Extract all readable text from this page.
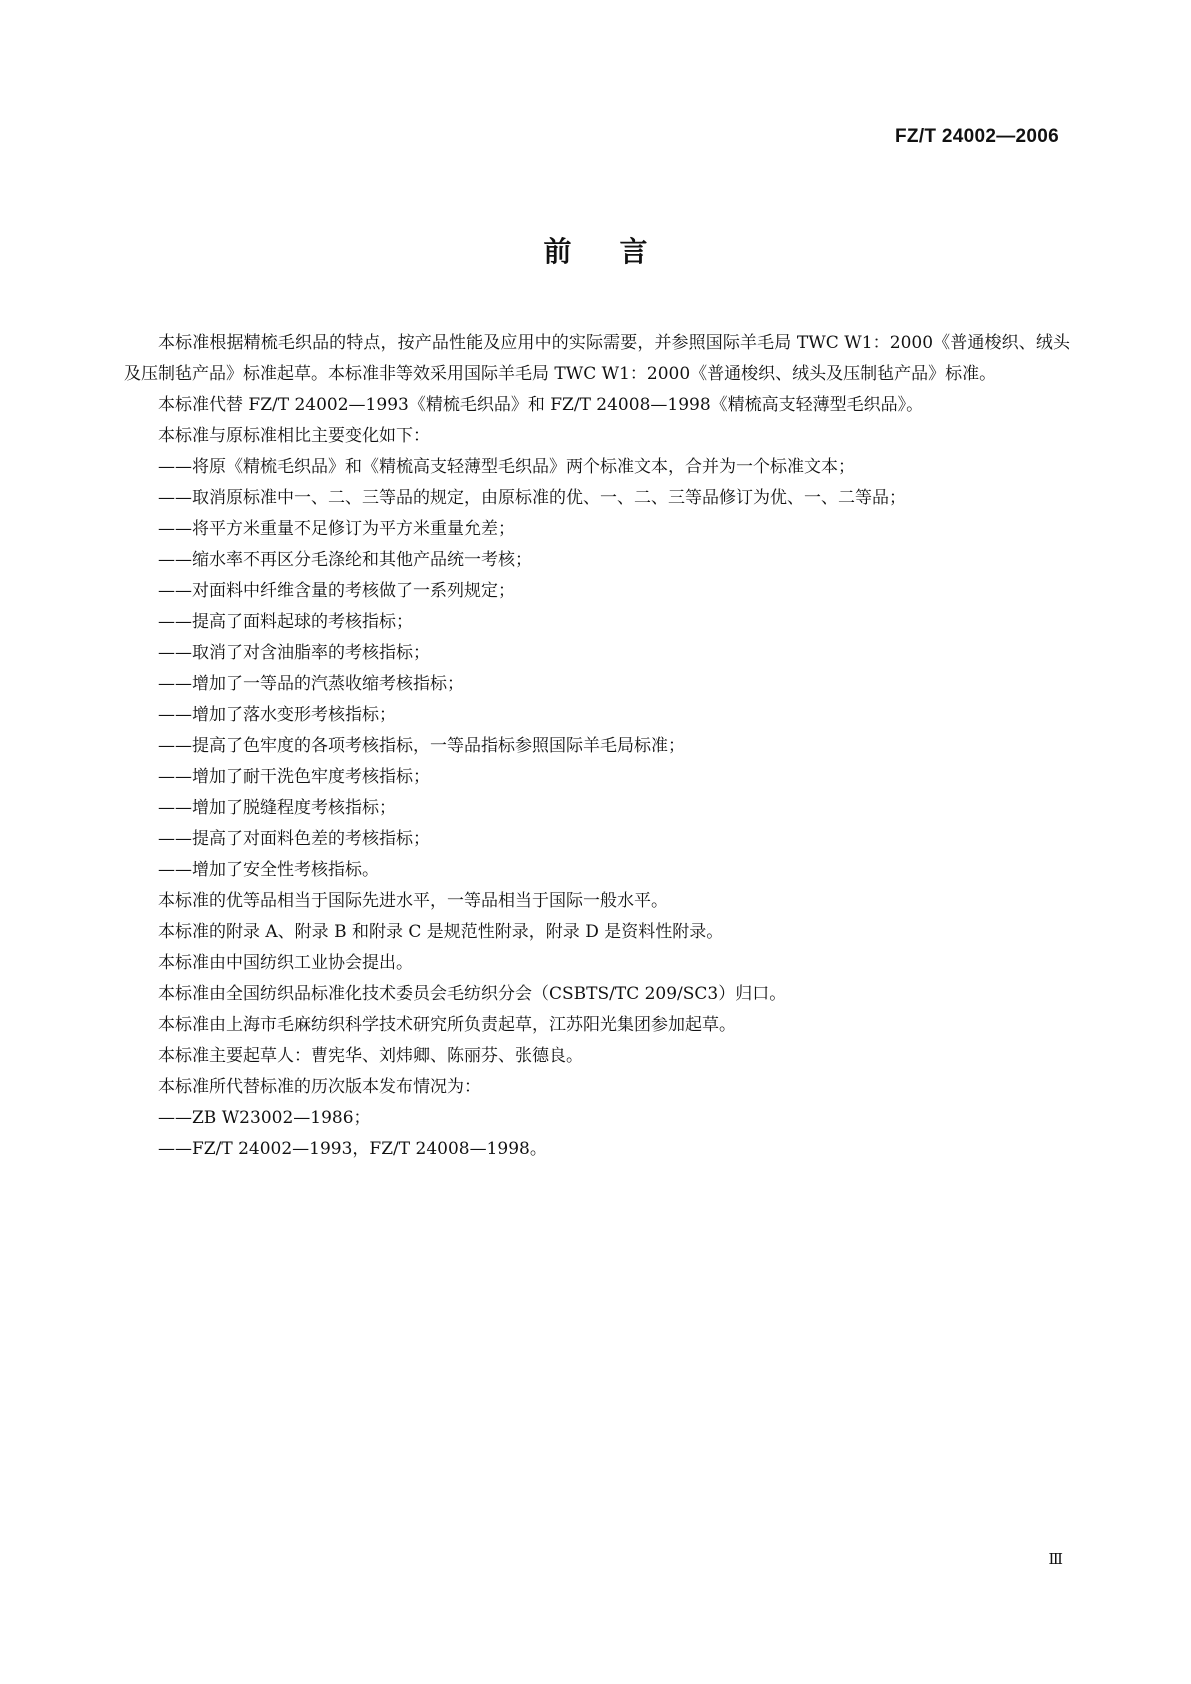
FZ/T 24002—2006
前言

本标准根据精梳毛织品的特点，按产品性能及应用中的实际需要，并参照国际羊毛局 TWC W1：2000《普通梭织、绒头及压制毡产品》标准起草。本标准非等效采用国际羊毛局 TWC W1：2000《普通梭织、绒头及压制毡产品》标准。

本标准代替 FZ/T 24002—1993《精梳毛织品》和 FZ/T 24008—1998《精梳高支轻薄型毛织品》。

本标准与原标准相比主要变化如下：

——将原《精梳毛织品》和《精梳高支轻薄型毛织品》两个标准文本，合并为一个标准文本；

——取消原标准中一、二、三等品的规定，由原标准的优、一、二、三等品修订为优、一、二等品；

——将平方米重量不足修订为平方米重量允差；

——缩水率不再区分毛涤纶和其他产品统一考核；

——对面料中纤维含量的考核做了一系列规定；

——提高了面料起球的考核指标；

——取消了对含油脂率的考核指标；

——增加了一等品的汽蒸收缩考核指标；

——增加了落水变形考核指标；

——提高了色牢度的各项考核指标，一等品指标参照国际羊毛局标准；

——增加了耐干洗色牢度考核指标；

——增加了脱缝程度考核指标；

——提高了对面料色差的考核指标；

——增加了安全性考核指标。

本标准的优等品相当于国际先进水平，一等品相当于国际一般水平。

本标准的附录 A、附录 B 和附录 C 是规范性附录，附录 D 是资料性附录。

本标准由中国纺织工业协会提出。

本标准由全国纺织品标准化技术委员会毛纺织分会（CSBTS/TC 209/SC3）归口。

本标准由上海市毛麻纺织科学技术研究所负责起草，江苏阳光集团参加起草。

本标准主要起草人：曹宪华、刘炜卿、陈丽芬、张德良。

本标准所代替标准的历次版本发布情况为：

——ZB W23002—1986；

——FZ/T 24002—1993，FZ/T 24008—1998。

Ⅲ
